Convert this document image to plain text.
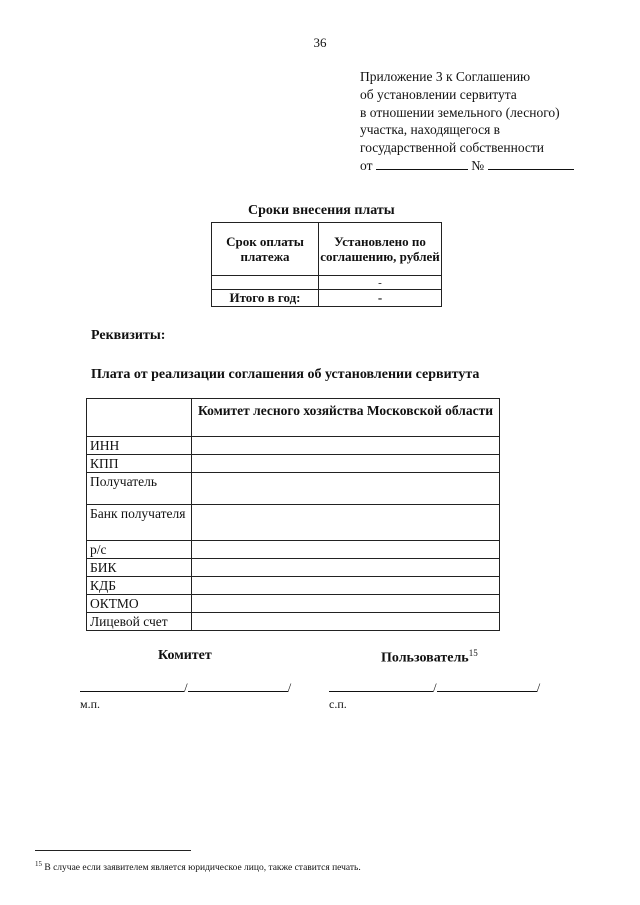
36
Приложение 3 к Соглашению
об установлении сервитута
в отношении земельного (лесного)
участка, находящегося в
государственной собственности
от	№
Сроки внесения платы
Срок оплаты платежа	Установлено по соглашению, рублей
	-
Итого в год:	-
Реквизиты:
Плата от реализации соглашения об установлении сервитута
	Комитет лесного хозяйства Московской области
ИНН	
КПП	
Получатель	
Банк получателя	
р/с	
БИК	
КДБ	
ОКТМО	
Лицевой счет	
Комитет	Пользователь$^{15}$
/	/	/	/
м.п.	с.п.
$^{15}$ В случае если заявителем является юридическое лицо, также ставится печать.
